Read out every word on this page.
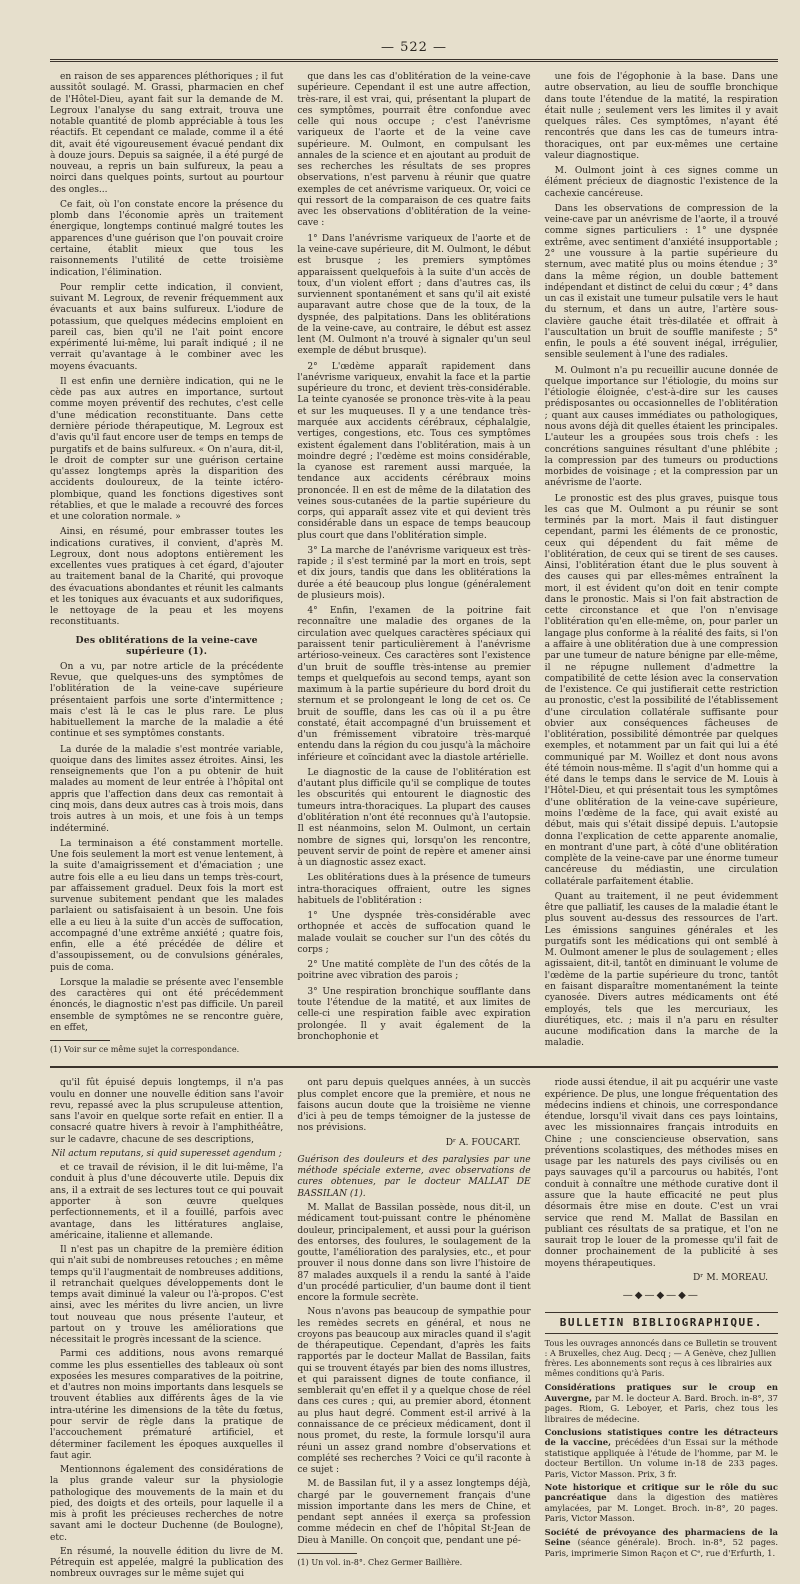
— 522 —

en raison de ses apparences pléthoriques ; il fut aussitôt soulagé. M. Grassi, pharmacien en chef de l'Hôtel-Dieu, ayant fait sur la demande de M. Legroux l'analyse du sang extrait, trouva une notable quantité de plomb appréciable à tous les réactifs. Et cependant ce malade, comme il a été dit, avait été vigoureusement évacué pendant dix à douze jours. Depuis sa saignée, il a été purgé de nouveau, a repris un bain sulfureux, la peau a noirci dans quelques points, surtout au pourtour des ongles...

Ce fait, où l'on constate encore la présence du plomb dans l'économie après un traitement énergique, longtemps continué malgré toutes les apparences d'une guérison que l'on pouvait croire certaine, établit mieux que tous les raisonnements l'utilité de cette troisième indication, l'élimination.

Pour remplir cette indication, il convient, suivant M. Legroux, de revenir fréquemment aux évacuants et aux bains sulfureux. L'iodure de potassium, que quelques médecins emploient en pareil cas, bien qu'il ne l'ait point encore expérimenté lui-même, lui paraît indiqué ; il ne verrait qu'avantage à le combiner avec les moyens évacuants.

Il est enfin une dernière indication, qui ne le cède pas aux autres en importance, surtout comme moyen préventif des rechutes, c'est celle d'une médication reconstituante. Dans cette dernière période thérapeutique, M. Legroux est d'avis qu'il faut encore user de temps en temps de purgatifs et de bains sulfureux. « On n'aura, dit-il, le droit de compter sur une guérison certaine qu'assez longtemps après la disparition des accidents douloureux, de la teinte ictéro-plombique, quand les fonctions digestives sont rétablies, et que le malade a recouvré des forces et une coloration normale. »

Ainsi, en résumé, pour embrasser toutes les indications curatives, il convient, d'après M. Legroux, dont nous adoptons entièrement les excellentes vues pratiques à cet égard, d'ajouter au traitement banal de la Charité, qui provoque des évacuations abondantes et réunit les calmants et les toniques aux évacuants et aux sudorifiques, le nettoyage de la peau et les moyens reconstituants.

Des oblitérations de la veine-cave supérieure (1).

On a vu, par notre article de la précédente Revue, que quelques-uns des symptômes de l'oblitération de la veine-cave supérieure présentaient parfois une sorte d'intermittence ; mais c'est là le cas le plus rare. Le plus habituellement la marche de la maladie a été continue et ses symptômes constants.

La durée de la maladie s'est montrée variable, quoique dans des limites assez étroites. Ainsi, les renseignements que l'on a pu obtenir de huit malades au moment de leur entrée à l'hôpital ont appris que l'affection dans deux cas remontait à cinq mois, dans deux autres cas à trois mois, dans trois autres à un mois, et une fois à un temps indéterminé.

La terminaison a été constamment mortelle. Une fois seulement la mort est venue lentement, à la suite d'amaigrissement et d'émaciation ; une autre fois elle a eu lieu dans un temps très-court, par affaissement graduel. Deux fois la mort est survenue subitement pendant que les malades parlaient ou satisfaisaient à un besoin. Une fois elle a eu lieu à la suite d'un accès de suffocation, accompagné d'une extrême anxiété ; quatre fois, enfin, elle a été précédée de délire et d'assoupissement, ou de convulsions générales, puis de coma.

Lorsque la maladie se présente avec l'ensemble des caractères qui ont été précédemment énoncés, le diagnostic n'est pas difficile. Un pareil ensemble de symptômes ne se rencontre guère, en effet,

(1) Voir sur ce même sujet la correspondance.

que dans les cas d'oblitération de la veine-cave supérieure. Cependant il est une autre affection, très-rare, il est vrai, qui, présentant la plupart de ces symptômes, pourrait être confondue avec celle qui nous occupe ; c'est l'anévrisme variqueux de l'aorte et de la veine cave supérieure. M. Oulmont, en compulsant les annales de la science et en ajoutant au produit de ses recherches les résultats de ses propres observations, n'est parvenu à réunir que quatre exemples de cet anévrisme variqueux. Or, voici ce qui ressort de la comparaison de ces quatre faits avec les observations d'oblitération de la veine-cave :

1° Dans l'anévrisme variqueux de l'aorte et de la veine-cave supérieure, dit M. Oulmont, le début est brusque ; les premiers symptômes apparaissent quelquefois à la suite d'un accès de toux, d'un violent effort ; dans d'autres cas, ils surviennent spontanément et sans qu'il ait existé auparavant autre chose que de la toux, de la dyspnée, des palpitations. Dans les oblitérations de la veine-cave, au contraire, le début est assez lent (M. Oulmont n'a trouvé à signaler qu'un seul exemple de début brusque).

2° L'œdème apparaît rapidement dans l'anévrisme variqueux, envahit la face et la partie supérieure du tronc, et devient très-considérable. La teinte cyanosée se prononce très-vite à la peau et sur les muqueuses. Il y a une tendance très-marquée aux accidents cérébraux, céphalalgie, vertiges, congestions, etc. Tous ces symptômes existent également dans l'oblitération, mais à un moindre degré ; l'œdème est moins considérable, la cyanose est rarement aussi marquée, la tendance aux accidents cérébraux moins prononcée. Il en est de même de la dilatation des veines sous-cutanées de la partie supérieure du corps, qui apparaît assez vite et qui devient très considérable dans un espace de temps beaucoup plus court que dans l'oblitération simple.

3° La marche de l'anévrisme variqueux est très-rapide ; il s'est terminé par la mort en trois, sept et dix jours, tandis que dans les oblitérations la durée a été beaucoup plus longue (généralement de plusieurs mois).

4° Enfin, l'examen de la poitrine fait reconnaître une maladie des organes de la circulation avec quelques caractères spéciaux qui paraissent tenir particulièrement à l'anévrisme artérioso-veineux. Ces caractères sont l'existence d'un bruit de souffle très-intense au premier temps et quelquefois au second temps, ayant son maximum à la partie supérieure du bord droit du sternum et se prolongeant le long de cet os. Ce bruit de souffle, dans les cas où il a pu être constaté, était accompagné d'un bruissement et d'un frémissement vibratoire très-marqué entendu dans la région du cou jusqu'à la mâchoire inférieure et coïncidant avec la diastole artérielle.

Le diagnostic de la cause de l'oblitération est d'autant plus difficile qu'il se complique de toutes les obscurités qui entourent le diagnostic des tumeurs intra-thoraciques. La plupart des causes d'oblitération n'ont été reconnues qu'à l'autopsie. Il est néanmoins, selon M. Oulmont, un certain nombre de signes qui, lorsqu'on les rencontre, peuvent servir de point de repère et amener ainsi à un diagnostic assez exact.

Les oblitérations dues à la présence de tumeurs intra-thoraciques offraient, outre les signes habituels de l'oblitération :

1° Une dyspnée très-considérable avec orthopnée et accès de suffocation quand le malade voulait se coucher sur l'un des côtés du corps ;

2° Une matité complète de l'un des côtés de la poitrine avec vibration des parois ;

3° Une respiration bronchique soufflante dans toute l'étendue de la matité, et aux limites de celle-ci une respiration faible avec expiration prolongée. Il y avait également de la bronchophonie et

une fois de l'égophonie à la base. Dans une autre observation, au lieu de souffle bronchique dans toute l'étendue de la matité, la respiration était nulle ; seulement vers les limites il y avait quelques râles. Ces symptômes, n'ayant été rencontrés que dans les cas de tumeurs intra-thoraciques, ont par eux-mêmes une certaine valeur diagnostique.

M. Oulmont joint à ces signes comme un élément précieux de diagnostic l'existence de la cachexie cancéreuse.

Dans les observations de compression de la veine-cave par un anévrisme de l'aorte, il a trouvé comme signes particuliers : 1° une dyspnée extrême, avec sentiment d'anxiété insupportable ; 2° une voussure à la partie supérieure du sternum, avec matité plus ou moins étendue ; 3° dans la même région, un double battement indépendant et distinct de celui du cœur ; 4° dans un cas il existait une tumeur pulsatile vers le haut du sternum, et dans un autre, l'artère sous-clavière gauche était très-dilatée et offrait à l'auscultation un bruit de souffle manifeste ; 5° enfin, le pouls a été souvent inégal, irrégulier, sensible seulement à l'une des radiales.

M. Oulmont n'a pu recueillir aucune donnée de quelque importance sur l'étiologie, du moins sur l'étiologie éloignée, c'est-à-dire sur les causes prédisposantes ou occasionnelles de l'oblitération ; quant aux causes immédiates ou pathologiques, nous avons déjà dit quelles étaient les principales. L'auteur les a groupées sous trois chefs : les concrétions sanguines résultant d'une phlébite ; la compression par des tumeurs ou productions morbides de voisinage ; et la compression par un anévrisme de l'aorte.

Le pronostic est des plus graves, puisque tous les cas que M. Oulmont a pu réunir se sont terminés par la mort. Mais il faut distinguer cependant, parmi les éléments de ce pronostic, ceux qui dépendent du fait même de l'oblitération, de ceux qui se tirent de ses causes. Ainsi, l'oblitération étant due le plus souvent à des causes qui par elles-mêmes entraînent la mort, il est évident qu'on doit en tenir compte dans le pronostic. Mais si l'on fait abstraction de cette circonstance et que l'on n'envisage l'oblitération qu'en elle-même, on, pour parler un langage plus conforme à la réalité des faits, si l'on a affaire à une oblitération due à une compression par une tumeur de nature bénigne par elle-même, il ne répugne nullement d'admettre la compatibilité de cette lésion avec la conservation de l'existence. Ce qui justifierait cette restriction au pronostic, c'est la possibilité de l'établissement d'une circulation collatérale suffisante pour obvier aux conséquences fâcheuses de l'oblitération, possibilité démontrée par quelques exemples, et notamment par un fait qui lui a été communiqué par M. Woillez et dont nous avons été témoin nous-même. Il s'agit d'un homme qui a été dans le temps dans le service de M. Louis à l'Hôtel-Dieu, et qui présentait tous les symptômes d'une oblitération de la veine-cave supérieure, moins l'œdème de la face, qui avait existé au début, mais qui s'était dissipé depuis. L'autopsie donna l'explication de cette apparente anomalie, en montrant d'une part, à côté d'une oblitération complète de la veine-cave par une énorme tumeur cancéreuse du médiastin, une circulation collatérale parfaitement établie.

Quant au traitement, il ne peut évidemment être que palliatif, les causes de la maladie étant le plus souvent au-dessus des ressources de l'art. Les émissions sanguines générales et les purgatifs sont les médications qui ont semblé à M. Oulmont amener le plus de soulagement ; elles agissaient, dit-il, tantôt en diminuant le volume de l'œdème de la partie supérieure du tronc, tantôt en faisant disparaître momentanément la teinte cyanosée. Divers autres médicaments ont été employés, tels que les mercuriaux, les diurétiques, etc. ; mais il n'a paru en résulter aucune modification dans la marche de la maladie.

qu'il fût épuisé depuis longtemps, il n'a pas voulu en donner une nouvelle édition sans l'avoir revu, repassé avec la plus scrupuleuse attention, sans l'avoir en quelque sorte refait en entier. Il a consacré quatre hivers à revoir à l'amphithéâtre, sur le cadavre, chacune de ses descriptions,

Nil actum reputans, si quid superesset agendum ;

et ce travail de révision, il le dit lui-même, l'a conduit à plus d'une découverte utile. Depuis dix ans, il a extrait de ses lectures tout ce qui pouvait apporter à son œuvre quelques perfectionnements, et il a fouillé, parfois avec avantage, dans les littératures anglaise, américaine, italienne et allemande.

Il n'est pas un chapitre de la première édition qui n'ait subi de nombreuses retouches ; en même temps qu'il l'augmentait de nombreuses additions, il retranchait quelques développements dont le temps avait diminué la valeur ou l'à-propos. C'est ainsi, avec les mérites du livre ancien, un livre tout nouveau que nous présente l'auteur, et partout on y trouve les améliorations que nécessitait le progrès incessant de la science.

Parmi ces additions, nous avons remarqué comme les plus essentielles des tableaux où sont exposées les mesures comparatives de la poitrine, et d'autres non moins importants dans lesquels se trouvent établies aux différents âges de la vie intra-utérine les dimensions de la tête du fœtus, pour servir de règle dans la pratique de l'accouchement prématuré artificiel, et déterminer facilement les époques auxquelles il faut agir.

Mentionnons également des considérations de la plus grande valeur sur la physiologie pathologique des mouvements de la main et du pied, des doigts et des orteils, pour laquelle il a mis à profit les précieuses recherches de notre savant ami le docteur Duchenne (de Boulogne), etc.

En résumé, la nouvelle édition du livre de M. Pétrequin est appelée, malgré la publication des nombreux ouvrages sur le même sujet qui

ont paru depuis quelques années, à un succès plus complet encore que la première, et nous ne faisons aucun doute que la troisième ne vienne d'ici à peu de temps témoigner de la justesse de nos prévisions.

Dʳ A. FOUCART.

Guérison des douleurs et des paralysies par une méthode spéciale externe, avec observations de cures obtenues, par le docteur MALLAT DE BASSILAN (1).

M. Mallat de Bassilan possède, nous dit-il, un médicament tout-puissant contre le phénomène douleur, principalement, et aussi pour la guérison des entorses, des foulures, le soulagement de la goutte, l'amélioration des paralysies, etc., et pour prouver il nous donne dans son livre l'histoire de 87 malades auxquels il a rendu la santé à l'aide d'un procédé particulier, d'un baume dont il tient encore la formule secrète.

Nous n'avons pas beaucoup de sympathie pour les remèdes secrets en général, et nous ne croyons pas beaucoup aux miracles quand il s'agit de thérapeutique. Cependant, d'après les faits rapportés par le docteur Mallat de Bassilan, faits qui se trouvent étayés par bien des noms illustres, et qui paraissent dignes de toute confiance, il semblerait qu'en effet il y a quelque chose de réel dans ces cures ; qui, au premier abord, étonnent au plus haut degré. Comment est-il arrivé à la connaissance de ce précieux médicament, dont il nous promet, du reste, la formule lorsqu'il aura réuni un assez grand nombre d'observations et complété ses recherches ? Voici ce qu'il raconte à ce sujet :

M. de Bassilan fut, il y a assez longtemps déjà, chargé par le gouvernement français d'une mission importante dans les mers de Chine, et pendant sept années il exerça sa profession comme médecin en chef de l'hôpital St-Jean de Dieu à Manille. On conçoit que, pendant une pé-

(1) Un vol. in-8°. Chez Germer Baillière.

riode aussi étendue, il ait pu acquérir une vaste expérience. De plus, une longue fréquentation des médecins indiens et chinois, une correspondance étendue, lorsqu'il vivait dans ces pays lointains, avec les missionnaires français introduits en Chine ; une consciencieuse observation, sans préventions scolastiques, des méthodes mises en usage par les naturels des pays civilisés ou en pays sauvages qu'il a parcourus ou habités, l'ont conduit à connaître une méthode curative dont il assure que la haute efficacité ne peut plus désormais être mise en doute. C'est un vrai service que rend M. Mallat de Bassilan en publiant ces résultats de sa pratique, et l'on ne saurait trop le louer de la promesse qu'il fait de donner prochainement de la publicité à ses moyens thérapeutiques.

Dʳ M. MOREAU.

—◆—◆—◆—
BULLETIN BIBLIOGRAPHIQUE.
Tous les ouvrages annoncés dans ce Bulletin se trouvent : A Bruxelles, chez Aug. Decq ; — A Genève, chez Jullien frères. Les abonnements sont reçus à ces librairies aux mêmes conditions qu'à Paris.

Considérations pratiques sur le croup en Auvergne, par M. le docteur A. Bard. Broch. in-8°, 37 pages. Riom, G. Leboyer, et Paris, chez tous les libraires de médecine.

Conclusions statistiques contre les détracteurs de la vaccine, précédées d'un Essai sur la méthode statistique appliquée à l'étude de l'homme, par M. le docteur Bertillon. Un volume in-18 de 233 pages. Paris, Victor Masson. Prix, 3 fr.

Note historique et critique sur le rôle du suc pancréatique dans la digestion des matières amylacées, par M. Longet. Broch. in-8°, 20 pages. Paris, Victor Masson.

Société de prévoyance des pharmaciens de la Seine (séance générale). Broch. in-8°, 52 pages. Paris, imprimerie Simon Raçon et Cᵉ, rue d'Erfurth, 1.
